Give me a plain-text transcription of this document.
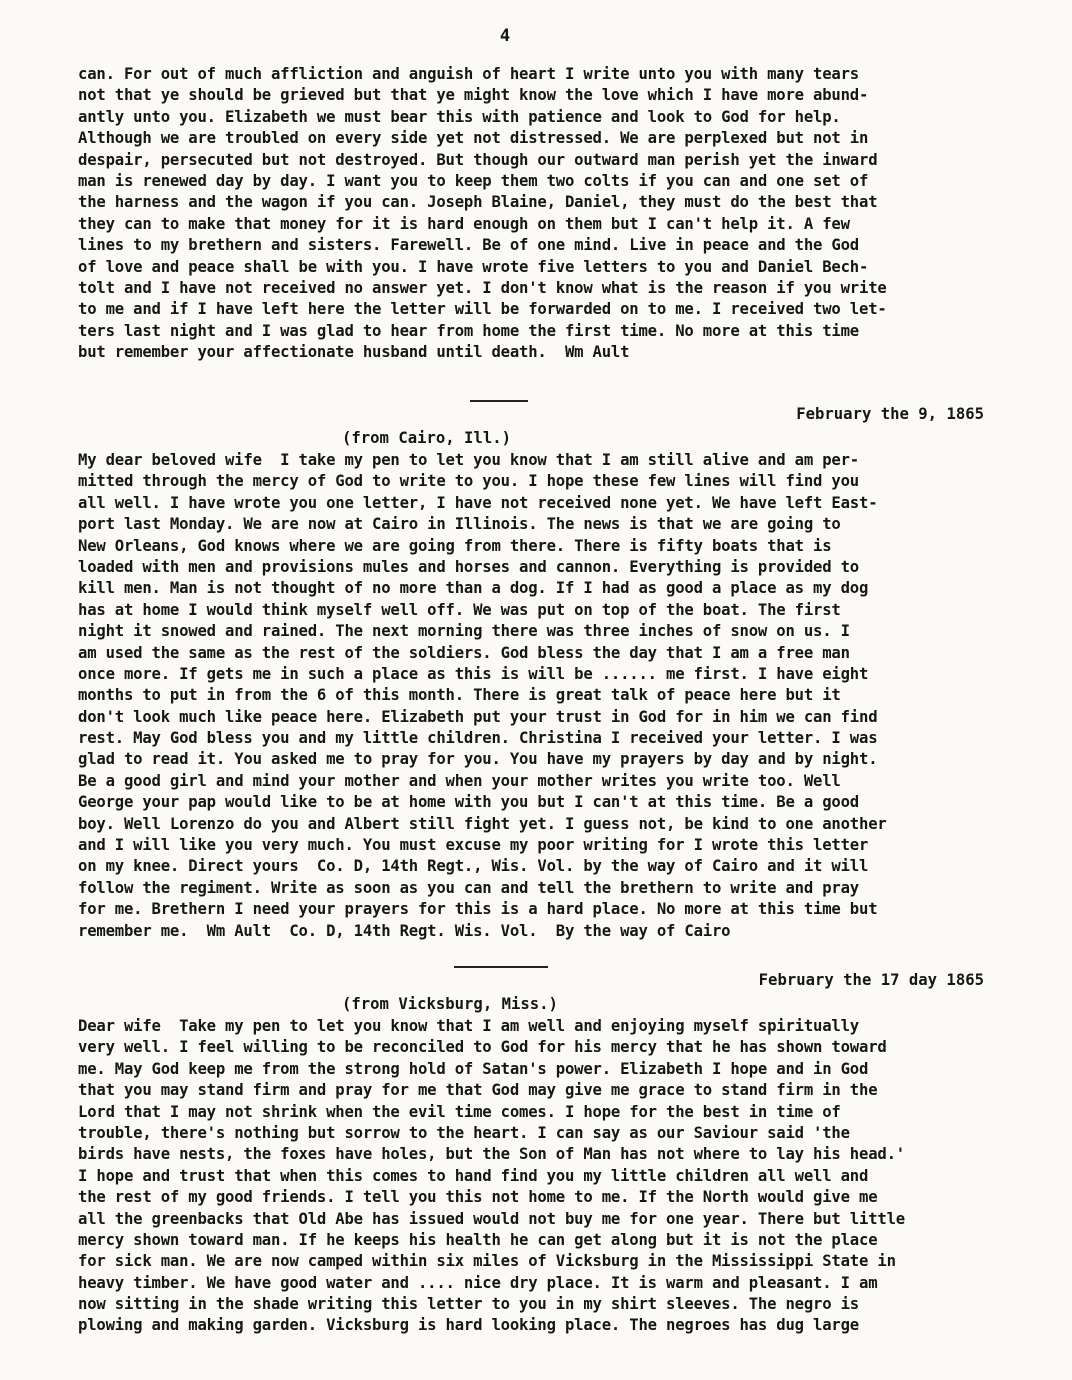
4
can. For out of much affliction and anguish of heart I write unto you with many tears
not that ye should be grieved but that ye might know the love which I have more abund-
antly unto you. Elizabeth we must bear this with patience and look to God for help.
Although we are troubled on every side yet not distressed. We are perplexed but not in
despair, persecuted but not destroyed. But though our outward man perish yet the inward
man is renewed day by day. I want you to keep them two colts if you can and one set of
the harness and the wagon if you can. Joseph Blaine, Daniel, they must do the best that
they can to make that money for it is hard enough on them but I can't help it. A few
lines to my brethern and sisters. Farewell. Be of one mind. Live in peace and the God
of love and peace shall be with you. I have wrote five letters to you and Daniel Bech-
tolt and I have not received no answer yet. I don't know what is the reason if you write
to me and if I have left here the letter will be forwarded on to me. I received two let-
ters last night and I was glad to hear from home the first time. No more at this time
but remember your affectionate husband until death.  Wm Ault
February the 9, 1865
(from Cairo, Ill.)
My dear beloved wife  I take my pen to let you know that I am still alive and am per-
mitted through the mercy of God to write to you. I hope these few lines will find you
all well. I have wrote you one letter, I have not received none yet. We have left East-
port last Monday. We are now at Cairo in Illinois. The news is that we are going to
New Orleans, God knows where we are going from there. There is fifty boats that is
loaded with men and provisions mules and horses and cannon. Everything is provided to
kill men. Man is not thought of no more than a dog. If I had as good a place as my dog
has at home I would think myself well off. We was put on top of the boat. The first
night it snowed and rained. The next morning there was three inches of snow on us. I
am used the same as the rest of the soldiers. God bless the day that I am a free man
once more. If gets me in such a place as this is will be ...... me first. I have eight
months to put in from the 6 of this month. There is great talk of peace here but it
don't look much like peace here. Elizabeth put your trust in God for in him we can find
rest. May God bless you and my little children. Christina I received your letter. I was
glad to read it. You asked me to pray for you. You have my prayers by day and by night.
Be a good girl and mind your mother and when your mother writes you write too. Well
George your pap would like to be at home with you but I can't at this time. Be a good
boy. Well Lorenzo do you and Albert still fight yet. I guess not, be kind to one another
and I will like you very much. You must excuse my poor writing for I wrote this letter
on my knee. Direct yours  Co. D, 14th Regt., Wis. Vol. by the way of Cairo and it will
follow the regiment. Write as soon as you can and tell the brethern to write and pray
for me. Brethern I need your prayers for this is a hard place. No more at this time but
remember me.  Wm Ault  Co. D, 14th Regt. Wis. Vol.  By the way of Cairo
February the 17 day 1865
(from Vicksburg, Miss.)
Dear wife  Take my pen to let you know that I am well and enjoying myself spiritually
very well. I feel willing to be reconciled to God for his mercy that he has shown toward
me. May God keep me from the strong hold of Satan's power. Elizabeth I hope and in God
that you may stand firm and pray for me that God may give me grace to stand firm in the
Lord that I may not shrink when the evil time comes. I hope for the best in time of
trouble, there's nothing but sorrow to the heart. I can say as our Saviour said 'the
birds have nests, the foxes have holes, but the Son of Man has not where to lay his head.'
I hope and trust that when this comes to hand find you my little children all well and
the rest of my good friends. I tell you this not home to me. If the North would give me
all the greenbacks that Old Abe has issued would not buy me for one year. There but little
mercy shown toward man. If he keeps his health he can get along but it is not the place
for sick man. We are now camped within six miles of Vicksburg in the Mississippi State in
heavy timber. We have good water and .... nice dry place. It is warm and pleasant. I am
now sitting in the shade writing this letter to you in my shirt sleeves. The negro is
plowing and making garden. Vicksburg is hard looking place. The negroes has dug large
